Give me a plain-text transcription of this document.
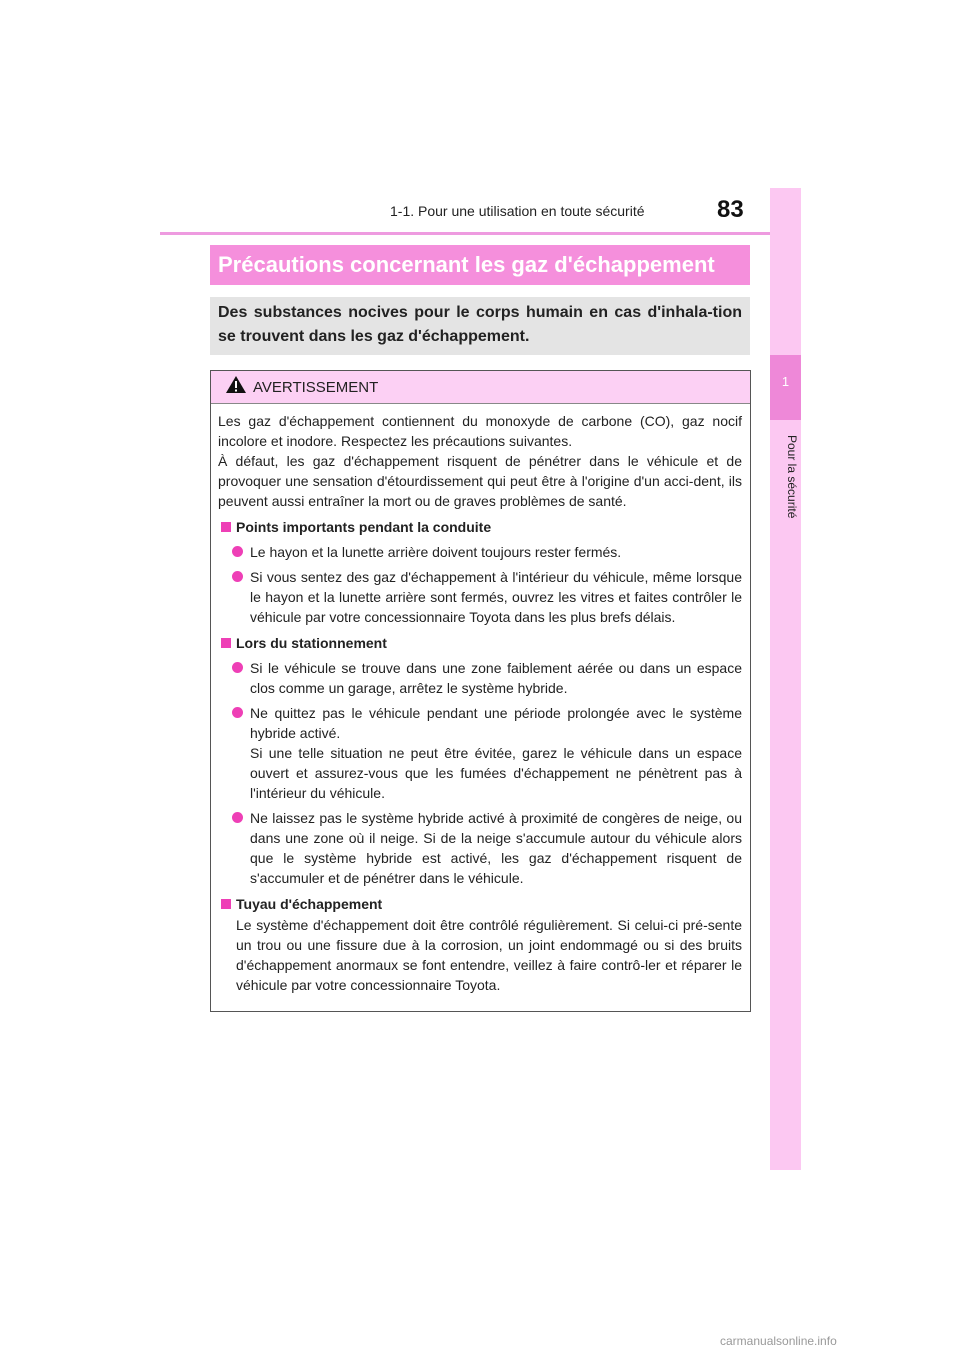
1-1. Pour une utilisation en toute sécurité	83
1
Pour la sécurité
Précautions concernant les gaz d'échappement
Des substances nocives pour le corps humain en cas d'inhala-tion se trouvent dans les gaz d'échappement.
AVERTISSEMENT

Les gaz d'échappement contiennent du monoxyde de carbone (CO), gaz nocif incolore et inodore. Respectez les précautions suivantes.

À défaut, les gaz d'échappement risquent de pénétrer dans le véhicule et de provoquer une sensation d'étourdissement qui peut être à l'origine d'un acci-dent, ils peuvent aussi entraîner la mort ou de graves problèmes de santé.

Points importants pendant la conduite
Le hayon et la lunette arrière doivent toujours rester fermés.
Si vous sentez des gaz d'échappement à l'intérieur du véhicule, même lorsque le hayon et la lunette arrière sont fermés, ouvrez les vitres et faites contrôler le véhicule par votre concessionnaire Toyota dans les plus brefs délais.
Lors du stationnement
Si le véhicule se trouve dans une zone faiblement aérée ou dans un espace clos comme un garage, arrêtez le système hybride.
Ne quittez pas le véhicule pendant une période prolongée avec le système hybride activé.
Si une telle situation ne peut être évitée, garez le véhicule dans un espace ouvert et assurez-vous que les fumées d'échappement ne pénètrent pas à l'intérieur du véhicule.
Ne laissez pas le système hybride activé à proximité de congères de neige, ou dans une zone où il neige. Si de la neige s'accumule autour du véhicule alors que le système hybride est activé, les gaz d'échappement risquent de s'accumuler et de pénétrer dans le véhicule.
Tuyau d'échappement
Le système d'échappement doit être contrôlé régulièrement. Si celui-ci pré-sente un trou ou une fissure due à la corrosion, un joint endommagé ou si des bruits d'échappement anormaux se font entendre, veillez à faire contrô-ler et réparer le véhicule par votre concessionnaire Toyota.
carmanualsonline.info
